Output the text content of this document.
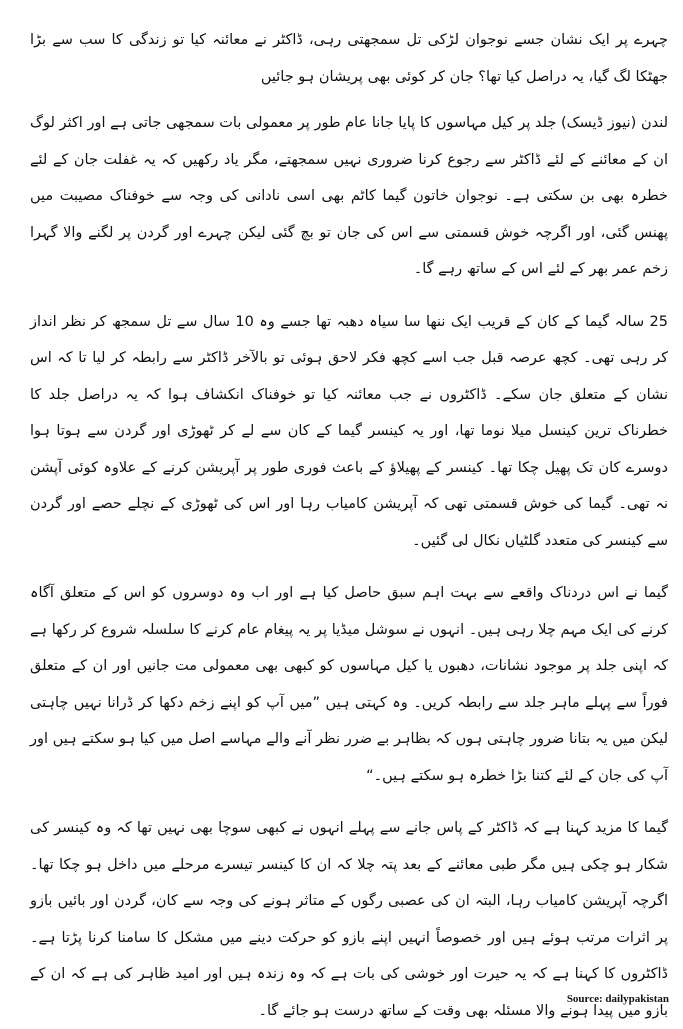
چہرے پر ایک نشان جسے نوجوان لڑکی تل سمجھتی رہی، ڈاکٹر نے معائنہ کیا تو زندگی کا سب سے بڑا جھٹکا لگ گیا، یہ دراصل کیا تھا؟ جان کر کوئی بھی پریشان ہو جائیں

لندن (نیوز ڈیسک) جلد پر کیل مہاسوں کا پایا جانا عام طور پر معمولی بات سمجھی جاتی ہے اور اکثر لوگ ان کے معائنے کے لئے ڈاکٹر سے رجوع کرنا ضروری نہیں سمجھتے، مگر یاد رکھیں کہ یہ غفلت جان کے لئے خطرہ بھی بن سکتی ہے۔ نوجوان خاتون گیما کاٹم بھی اسی نادانی کی وجہ سے خوفناک مصیبت میں پھنس گئی، اور اگرچہ خوش قسمتی سے اس کی جان تو بچ گئی لیکن چہرے اور گردن پر لگنے والا گہرا زخم عمر بھر کے لئے اس کے ساتھ رہے گا۔

25 سالہ گیما کے کان کے قریب ایک ننھا سا سیاہ دھبہ تھا جسے وہ 10 سال سے تل سمجھ کر نظر انداز کر رہی تھی۔ کچھ عرصہ قبل جب اسے کچھ فکر لاحق ہوئی تو بالآخر ڈاکٹر سے رابطہ کر لیا تا کہ اس نشان کے متعلق جان سکے۔ ڈاکٹروں نے جب معائنہ کیا تو خوفناک انکشاف ہوا کہ یہ دراصل جلد کا خطرناک ترین کینسل میلا نوما تھا، اور یہ کینسر گیما کے کان سے لے کر ٹھوڑی اور گردن سے ہوتا ہوا دوسرے کان تک پھیل چکا تھا۔ کینسر کے پھیلاؤ کے باعث فوری طور پر آپریشن کرنے کے علاوہ کوئی آپشن نہ تھی۔ گیما کی خوش قسمتی تھی کہ آپریشن کامیاب رہا اور اس کی ٹھوڑی کے نچلے حصے اور گردن سے کینسر کی متعدد گلٹیاں نکال لی گئیں۔

گیما نے اس دردناک واقعے سے بہت اہم سبق حاصل کیا ہے اور اب وہ دوسروں کو اس کے متعلق آگاہ کرنے کی ایک مہم چلا رہی ہیں۔ انہوں نے سوشل میڈیا پر یہ پیغام عام کرنے کا سلسلہ شروع کر رکھا ہے کہ اپنی جلد پر موجود نشانات، دھبوں یا کیل مہاسوں کو کبھی بھی معمولی مت جانیں اور ان کے متعلق فوراً سے پہلے ماہر جلد سے رابطہ کریں۔ وہ کہتی ہیں ”میں آپ کو اپنے زخم دکھا کر ڈرانا نہیں چاہتی لیکن میں یہ بتانا ضرور چاہتی ہوں کہ بظاہر بے ضرر نظر آنے والے مہاسے اصل میں کیا ہو سکتے ہیں اور آپ کی جان کے لئے کتنا بڑا خطرہ ہو سکتے ہیں۔“

گیما کا مزید کہنا ہے کہ ڈاکٹر کے پاس جانے سے پہلے انہوں نے کبھی سوچا بھی نہیں تھا کہ وہ کینسر کی شکار ہو چکی ہیں مگر طبی معائنے کے بعد پتہ چلا کہ ان کا کینسر تیسرے مرحلے میں داخل ہو چکا تھا۔ اگرچہ آپریشن کامیاب رہا، البتہ ان کی عصبی رگوں کے متاثر ہونے کی وجہ سے کان، گردن اور بائیں بازو پر اثرات مرتب ہوئے ہیں اور خصوصاً انہیں اپنے بازو کو حرکت دینے میں مشکل کا سامنا کرنا پڑتا ہے۔ ڈاکٹروں کا کہنا ہے کہ یہ حیرت اور خوشی کی بات ہے کہ وہ زندہ ہیں اور امید ظاہر کی ہے کہ ان کے بازو میں پیدا ہونے والا مسئلہ بھی وقت کے ساتھ درست ہو جائے گا۔

Source: dailypakistan
